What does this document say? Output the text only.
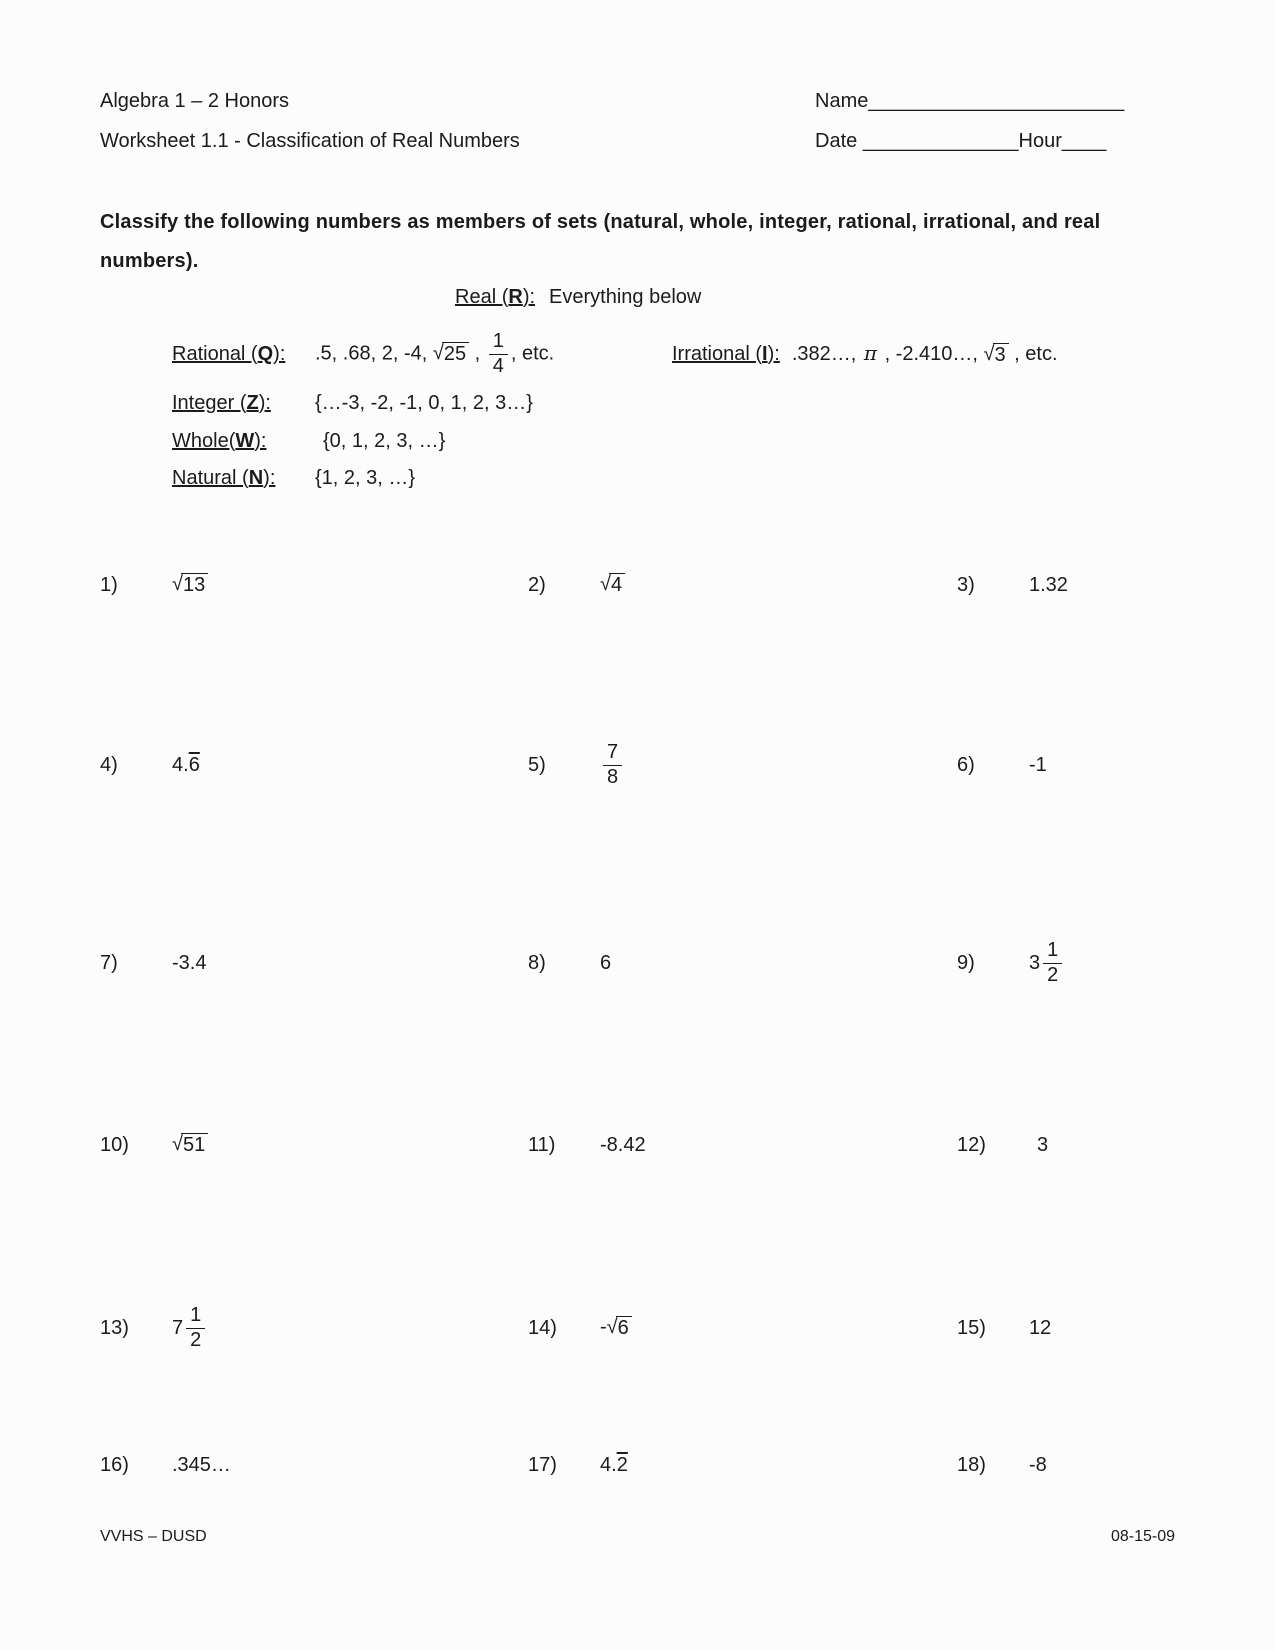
Algebra 1 – 2 Honors
Worksheet 1.1 - Classification of Real Numbers
Name_______________________
Date ______________Hour____
Classify the following numbers as members of sets (natural, whole, integer, rational, irrational, and real numbers).
Real (R): Everything below
Rational (Q):	.5, .68, 2, -4, √ 25 , $\frac{1}{4}$ , etc.	Irrational (I): .382…, π , -2.410…, √ 3 , etc.
Integer (Z):	{…-3, -2, -1, 0, 1, 2, 3…}
Whole(W):	{0, 1, 2, 3, …}
Natural (N):	{1, 2, 3, …}
1)	√ 13	2)	√ 4	3)	1.32
4)	4.6	5)	$\frac{7}{8}$	6)	-1
7)	-3.4	8)	6	9)	$3 \frac{1}{2}$
10)	√ 51	11)	-8.42	12)	3
13)	$7 \frac{1}{2}$	14)	- √ 6	15)	12
16)	.345…	17)	4.2	18)	-8
VVHS – DUSD	08-15-09
